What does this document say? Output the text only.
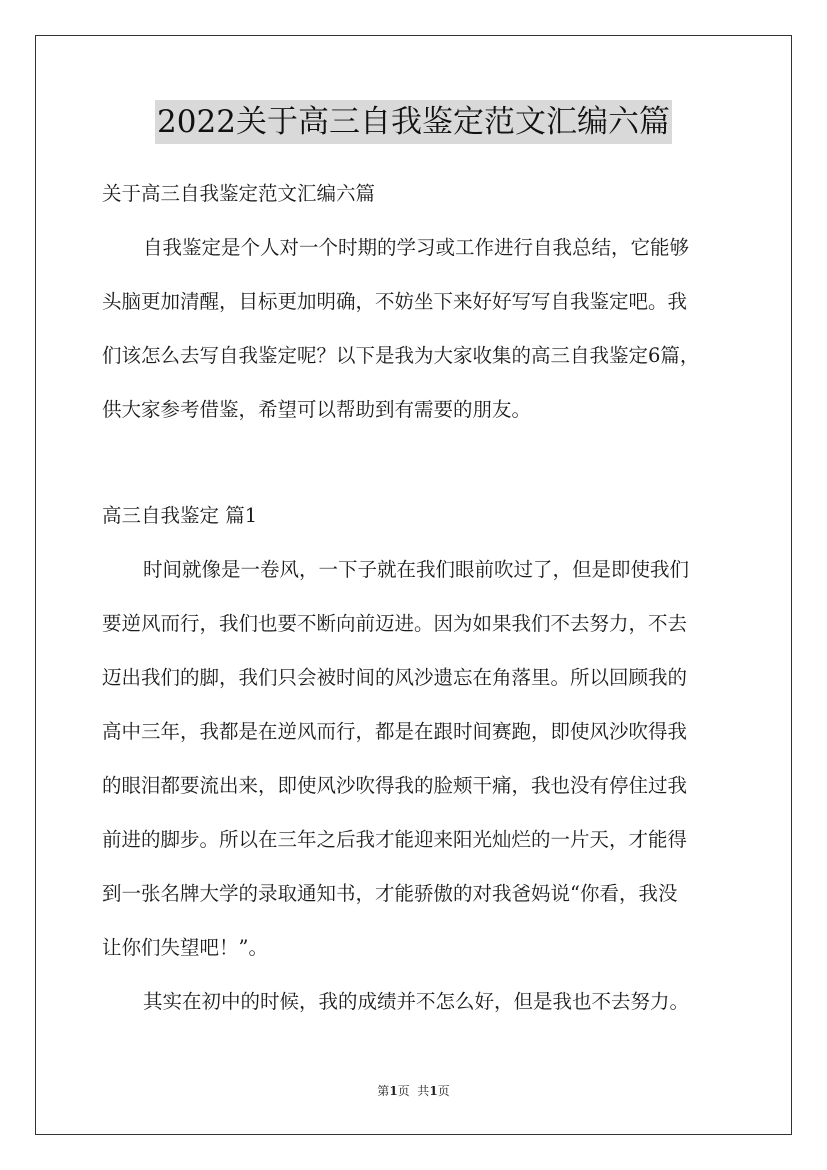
2022关于高三自我鉴定范文汇编六篇
关于高三自我鉴定范文汇编六篇
自我鉴定是个人对一个时期的学习或工作进行自我总结，它能够
头脑更加清醒，目标更加明确，不妨坐下来好好写写自我鉴定吧。我
们该怎么去写自我鉴定呢？以下是我为大家收集的高三自我鉴定6篇，
供大家参考借鉴，希望可以帮助到有需要的朋友。
高三自我鉴定 篇1
时间就像是一卷风，一下子就在我们眼前吹过了，但是即使我们
要逆风而行，我们也要不断向前迈进。因为如果我们不去努力，不去
迈出我们的脚，我们只会被时间的风沙遗忘在角落里。所以回顾我的
高中三年，我都是在逆风而行，都是在跟时间赛跑，即使风沙吹得我
的眼泪都要流出来，即使风沙吹得我的脸颊干痛，我也没有停住过我
前进的脚步。所以在三年之后我才能迎来阳光灿烂的一片天，才能得
到一张名牌大学的录取通知书，才能骄傲的对我爸妈说“你看，我没
让你们失望吧！”。
其实在初中的时候，我的成绩并不怎么好，但是我也不去努力。
第1页  共1页
